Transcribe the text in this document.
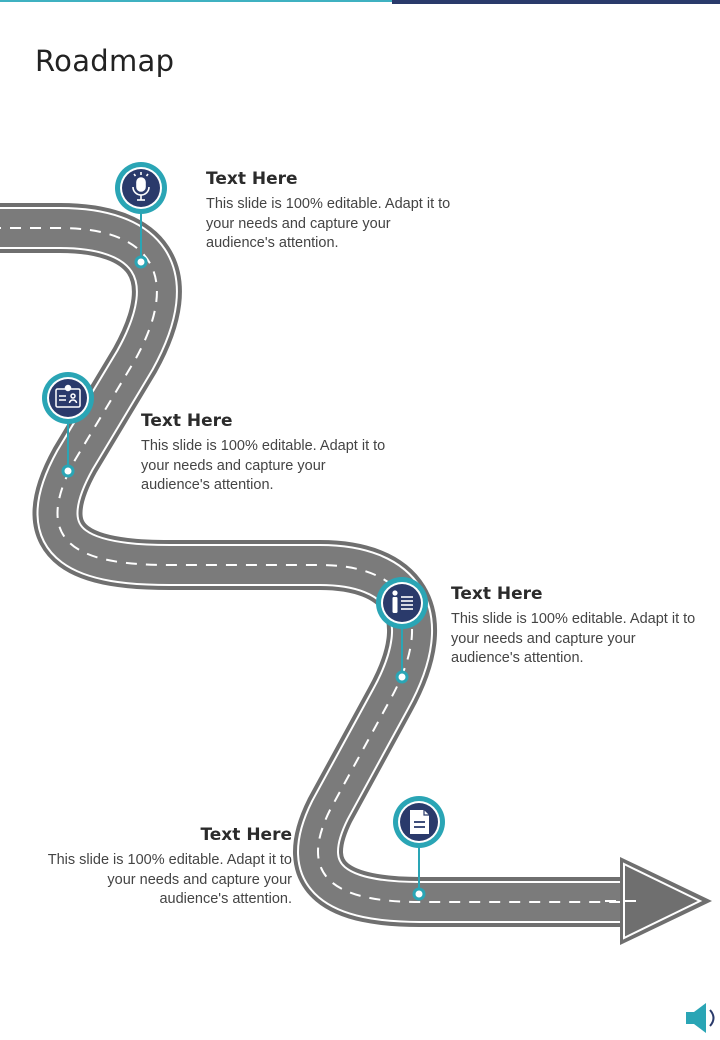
Roadmap
Text Here
This slide is 100% editable. Adapt it to your needs and capture your audience's attention.
Text Here
This slide is 100% editable. Adapt it to your needs and capture your audience's attention.
Text Here
This slide is 100% editable. Adapt it to your needs and capture your audience's attention.
Text Here
This slide is 100% editable. Adapt it to your needs and capture your audience's attention.
